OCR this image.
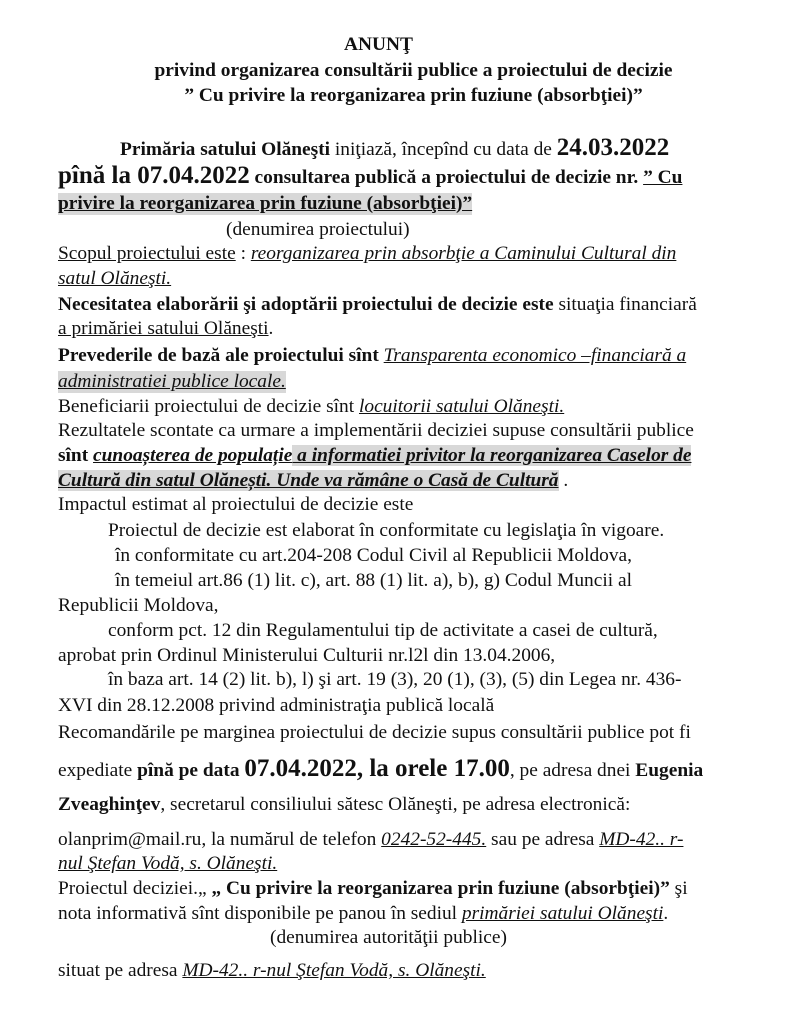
ANUNŢ
privind organizarea consultării publice a proiectului de decizie
” Cu privire la reorganizarea prin fuziune (absorbţiei)”
Primăria satului Olăneşti iniţiază, începînd cu data de 24.03.2022
pînă la 07.04.2022 consultarea publică a proiectului de decizie nr. ” Cu
privire la reorganizarea prin fuziune (absorbţiei)”
(denumirea proiectului)
Scopul proiectului este : reorganizarea prin absorbţie a Caminului Cultural din
satul Olăneşti.
Necesitatea elaborării şi adoptării proiectului de decizie este situaţia financiară
a primăriei satului Olăneşti.
Prevederile de bază ale proiectului sînt Transparenta economico –financiară a
administratiei publice locale.
Beneficiarii proiectului de decizie sînt locuitorii satului Olăneşti.
Rezultatele scontate ca urmare a implementării deciziei supuse consultării publice
sînt cunoașterea de populație a informatiei privitor la reorganizarea Caselor de
Cultură din satul Olănești. Unde va rămâne o Casă de Cultură .
Impactul estimat al proiectului de decizie este
Proiectul de decizie est elaborat în conformitate cu legislaţia în vigoare.
în conformitate cu art.204-208 Codul Civil al Republicii Moldova,
în temeiul art.86 (1) lit. c), art. 88 (1) lit. a), b), g) Codul Muncii al
Republicii Moldova,
conform pct. 12 din Regulamentului tip de activitate a casei de cultură,
aprobat prin Ordinul Ministerului Culturii nr.l2l din 13.04.2006,
în baza art. 14 (2) lit. b), l) şi art. 19 (3), 20 (1), (3), (5) din Legea nr. 436-
XVI din 28.12.2008 privind administraţia publică locală
Recomandările pe marginea proiectului de decizie supus consultării publice pot fi
expediate pînă pe data 07.04.2022, la orele 17.00, pe adresa dnei Eugenia
Zveaghinţev, secretarul consiliului sătesc Olăneşti, pe adresa electronică:
olanprim@mail.ru, la numărul de telefon 0242-52-445. sau pe adresa MD-42.. r-
nul Ştefan Vodă, s. Olăneşti.
Proiectul deciziei.„ „ Cu privire la reorganizarea prin fuziune (absorbţiei)” şi
nota informativă sînt disponibile pe panou în sediul primăriei satului Olăneşti.
(denumirea autorităţii publice)
situat pe adresa MD-42.. r-nul Ştefan Vodă, s. Olăneşti.
